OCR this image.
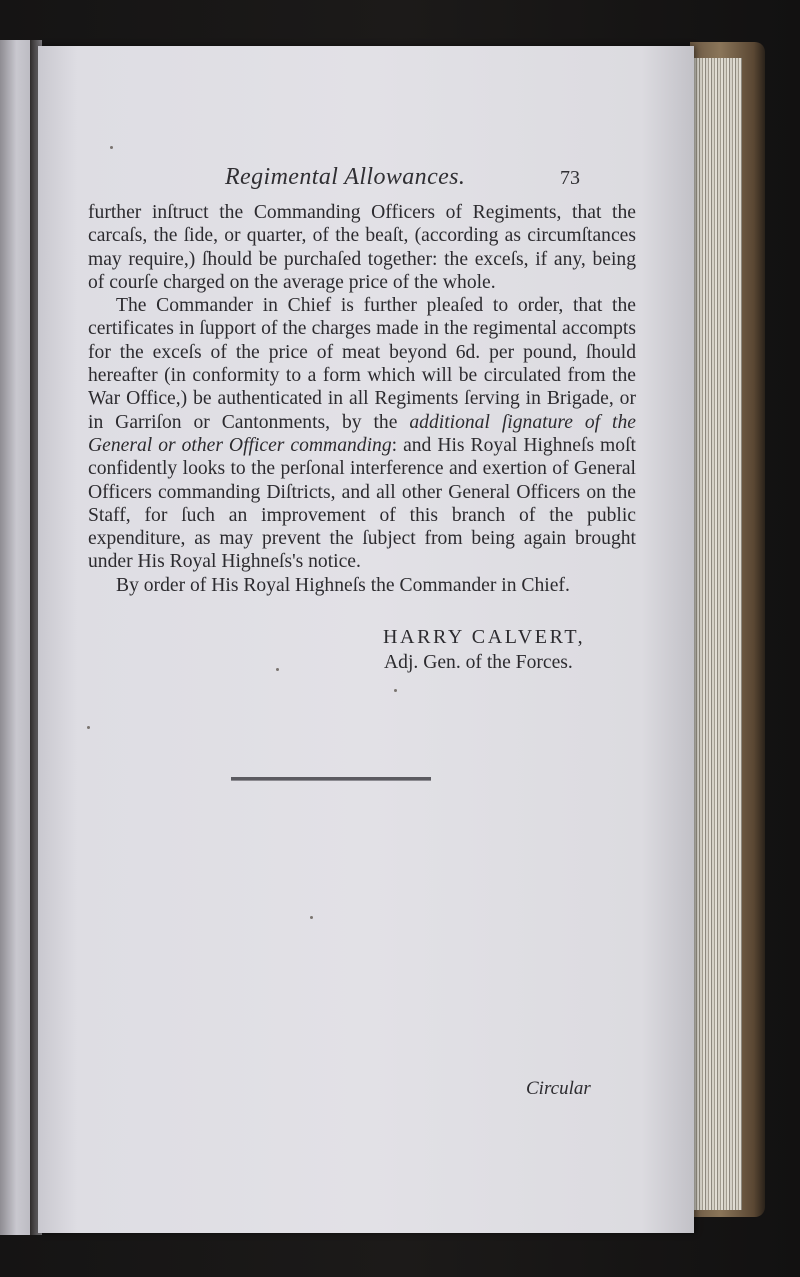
Regimental Allowances.	73

further inſtruct the Commanding Officers of Regiments, that the carcaſs, the ſide, or quarter, of the beaſt, (according as circumſtances may require,) ſhould be purchaſed together: the exceſs, if any, being of courſe charged on the average price of the whole.

The Commander in Chief is further pleaſed to order, that the certificates in ſupport of the charges made in the regimental accompts for the exceſs of the price of meat beyond 6d. per pound, ſhould hereafter (in conformity to a form which will be circulated from the War Office,) be authenticated in all Regiments ſerving in Brigade, or in Garriſon or Cantonments, by the additional ſignature of the General or other Officer commanding: and His Royal Highneſs moſt confidently looks to the perſonal interference and exertion of General Officers commanding Diſtricts, and all other General Officers on the Staff, for ſuch an improvement of this branch of the public expenditure, as may prevent the ſubject from being again brought under His Royal Highneſs's notice.

By order of His Royal Highneſs the Commander in Chief.

HARRY CALVERT,
Adj. Gen. of the Forces.
Circular
